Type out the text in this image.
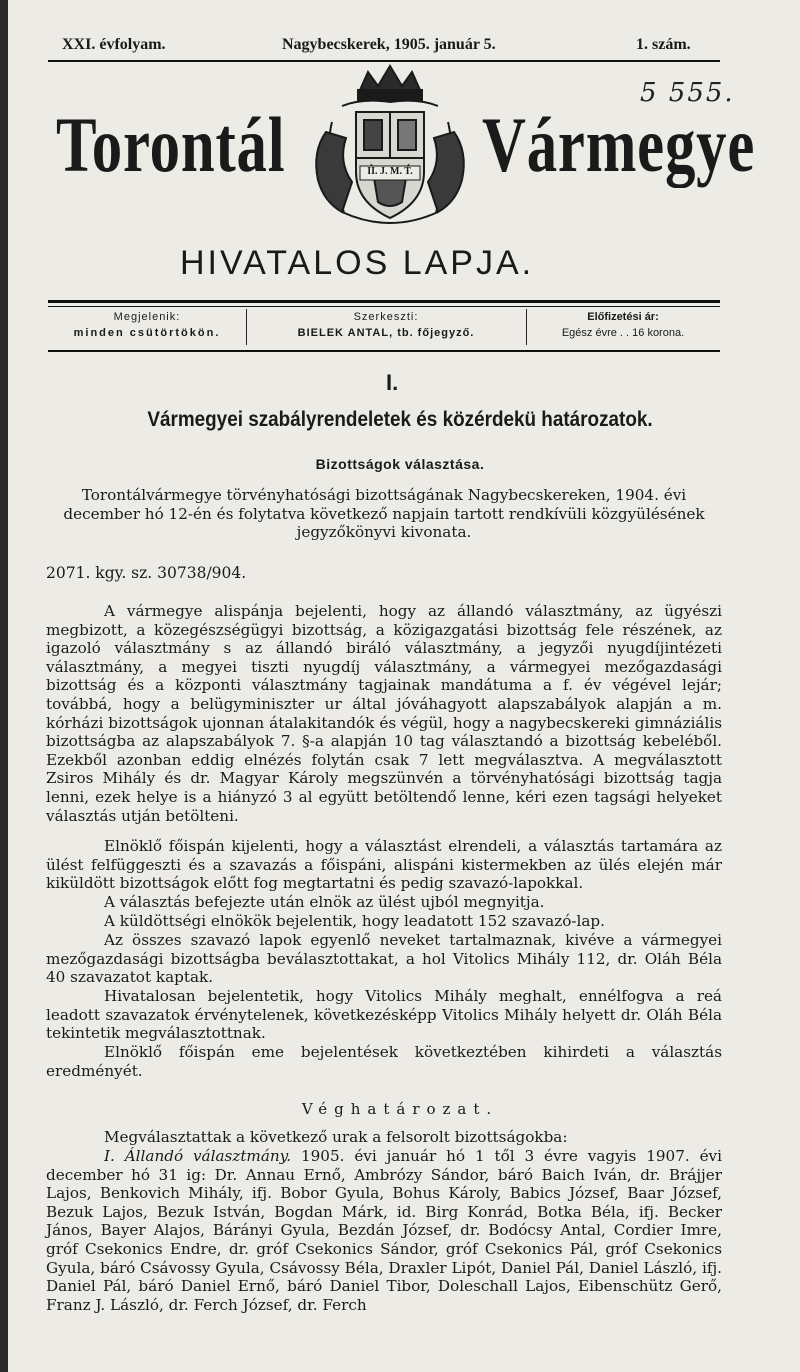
XXI. évfolyam.	Nagybecskerek, 1905. január 5.	1. szám.
5 555.
Torontál	Vármegye
II. J. M. T.
HIVATALOS LAPJA.
Megjelenik:
minden csütörtökön.
Szerkeszti:
BIELEK ANTAL, tb. főjegyző.
Előfizetési ár:
Egész évre . . 16 korona.
I.
Vármegyei szabályrendeletek és közérdekü határozatok.
Bizottságok választása.
Torontálvármegye törvényhatósági bizottságának Nagybecskereken, 1904. évi december hó 12-én és folytatva következő napjain tartott rendkívüli közgyülésének jegyzőkönyvi kivonata.
2071. kgy. sz. 30738/904.
A vármegye alispánja bejelenti, hogy az állandó választmány, az ügyészi megbizott, a közegészségügyi bizottság, a közigazgatási bizottság fele részének, az igazoló választmány s az állandó biráló választmány, a jegyzői nyugdíjintézeti választmány, a megyei tiszti nyugdíj választmány, a vármegyei mezőgazdasági bizottság és a központi választmány tagjainak mandátuma a f. év végével lejár; továbbá, hogy a belügyminiszter ur által jóváhagyott alapszabályok alapján a m. kórházi bizottságok ujonnan átalakitandók és végül, hogy a nagybecskereki gimnáziális bizottságba az alapszabályok 7. §-a alapján 10 tag választandó a bizottság kebeléből. Ezekből azonban eddig elnézés folytán csak 7 lett megválasztva. A megválasztott Zsiros Mihály és dr. Magyar Károly megszünvén a törvényhatósági bizottság tagja lenni, ezek helye is a hiányzó 3 al együtt betöltendő lenne, kéri ezen tagsági helyeket választás utján betölteni.
Elnöklő főispán kijelenti, hogy a választást elrendeli, a választás tartamára az ülést felfüggeszti és a szavazás a főispáni, alispáni kistermekben az ülés elején már kiküldött bizottságok előtt fog megtartatni és pedig szavazó-lapokkal.
A választás befejezte után elnök az ülést ujból megnyitja.
A küldöttségi elnökök bejelentik, hogy leadatott 152 szavazó-lap.
Az összes szavazó lapok egyenlő neveket tartalmaznak, kivéve a vármegyei mezőgazdasági bizottságba beválasztottakat, a hol Vitolics Mihály 112, dr. Oláh Béla 40 szavazatot kaptak.
Hivatalosan bejelentetik, hogy Vitolics Mihály meghalt, ennélfogva a reá leadott szavazatok érvénytelenek, következésképp Vitolics Mihály helyett dr. Oláh Béla tekintetik megválasztottnak.
Elnöklő főispán eme bejelentések következtében kihirdeti a választás eredményét.
Véghatározat.
Megválasztattak a következő urak a felsorolt bizottságokba:
I. Állandó választmány. 1905. évi január hó 1 től 3 évre vagyis 1907. évi december hó 31 ig: Dr. Annau Ernő, Ambrózy Sándor, báró Baich Iván, dr. Brájjer Lajos, Benkovich Mihály, ifj. Bobor Gyula, Bohus Károly, Babics József, Baar József, Bezuk Lajos, Bezuk István, Bogdan Márk, id. Birg Konrád, Botka Béla, ifj. Becker János, Bayer Alajos, Bárányi Gyula, Bezdán József, dr. Bodócsy Antal, Cordier Imre, gróf Csekonics Endre, dr. gróf Csekonics Sándor, gróf Csekonics Pál, gróf Csekonics Gyula, báró Csávossy Gyula, Csávossy Béla, Draxler Lipót, Daniel Pál, Daniel László, ifj. Daniel Pál, báró Daniel Ernő, báró Daniel Tibor, Doleschall Lajos, Eibenschütz Gerő, Franz J. László, dr. Ferch József, dr. Ferch
